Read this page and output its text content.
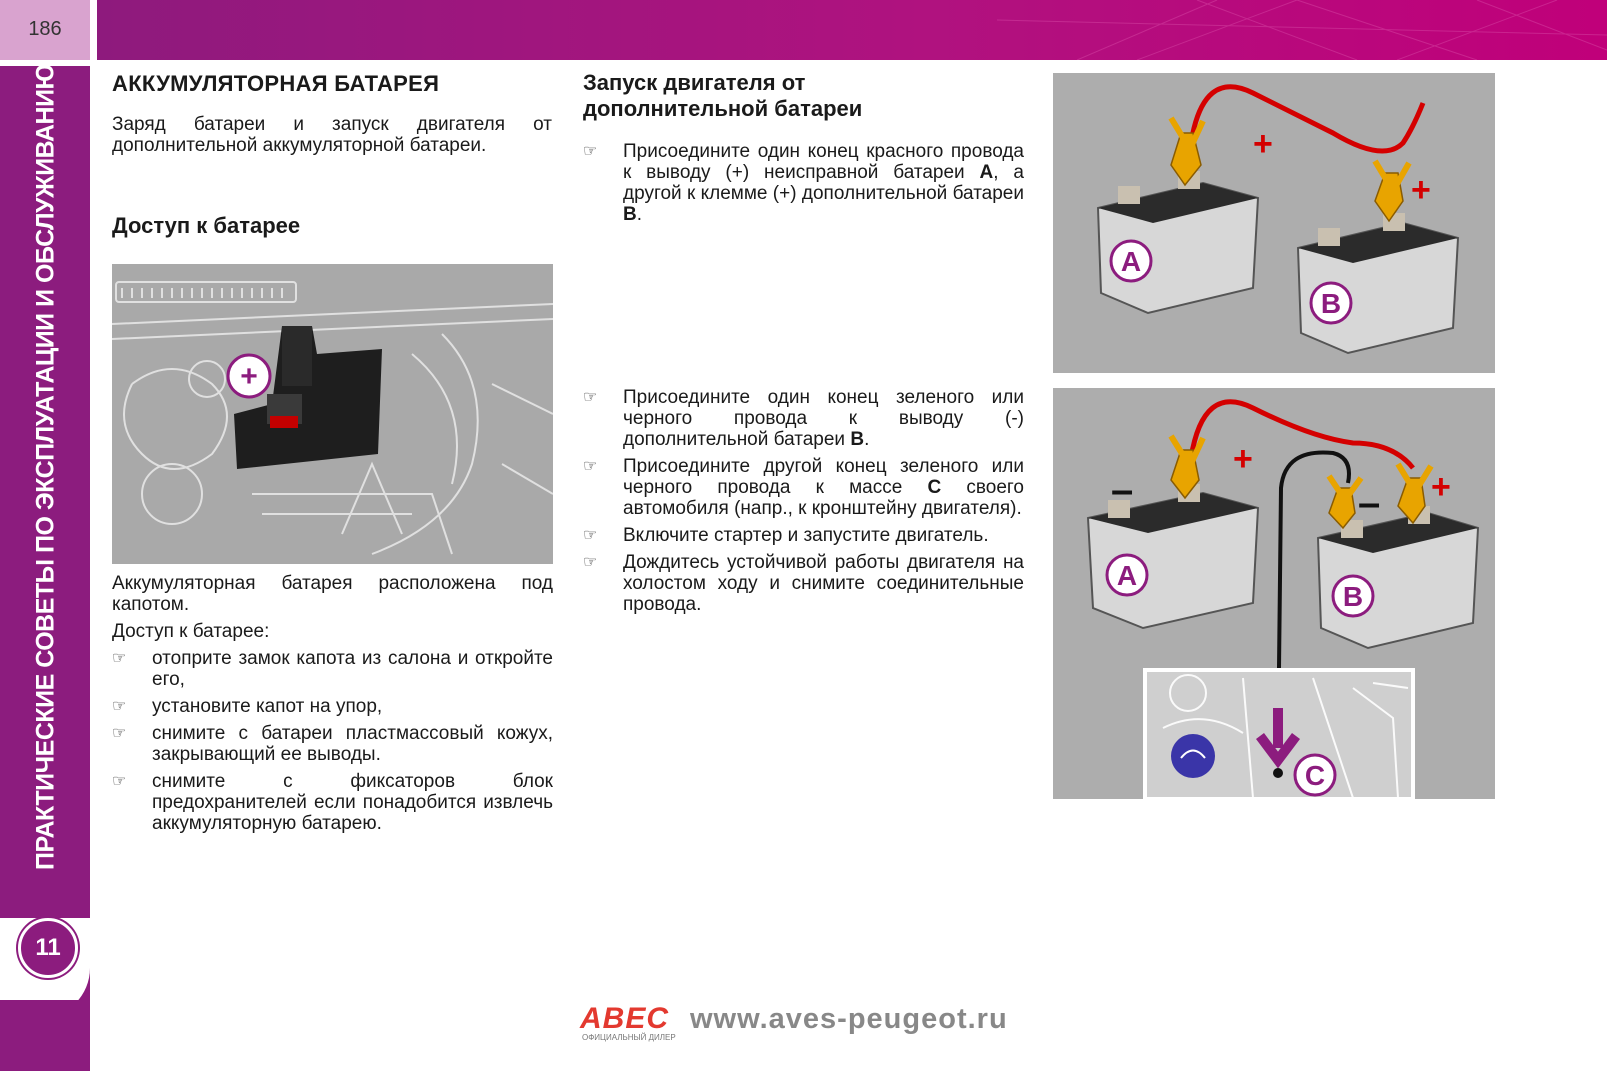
186
ПРАКТИЧЕСКИЕ СОВЕТЫ ПО ЭКСПЛУАТАЦИИ И ОБСЛУЖИВАНИЮ
11
АККУМУЛЯТОРНАЯ БАТАРЕЯ
Заряд батареи и запуск двигателя от дополнительной аккумуляторной батареи.
Доступ к батарее
+
Аккумуляторная батарея расположена под капотом.
Доступ к батарее:
☞ отоприте замок капота из салона и откройте его,
☞ установите капот на упор,
☞ снимите с батареи пластмассовый кожух, закрывающий ее выводы.
☞ снимите с фиксаторов блок предохранителей если понадобится извлечь аккумуляторную батарею.
Запуск двигателя от дополнительной батареи
☞ Присоедините один конец красного провода к выводу (+) неисправной батареи A, а другой к клемме (+) дополнительной батареи B.
☞ Присоедините один конец зеленого или черного провода к выводу (-) дополнительной батареи B.
☞ Присоедините другой конец зеленого или черного провода к массе C своего автомобиля (напр., к кронштейну двигателя).
☞ Включите стартер и запустите двигатель.
☞ Дождитесь устойчивой работы двигателя на холостом ходу и снимите соединительные провода.
+
+
A
B
+
+
–	–
A
B
C
АВЕС
ОФИЦИАЛЬНЫЙ ДИЛЕР
www.aves-peugeot.ru
